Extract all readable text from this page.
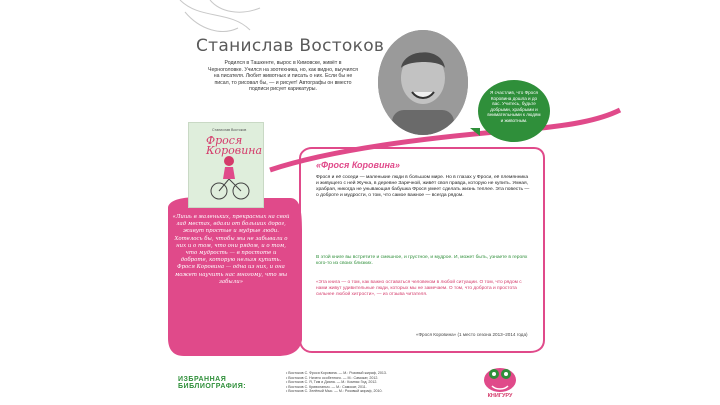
Станислав Востоков
Родился в Ташкенте, вырос в Кимовске, живёт в Черноголовке. Учился на зоотехника, но, как видно, выучился на писателя. Любит животных и писать о них. Если бы не писал, то рисовал бы, — и рисует! Автографы он вместо подписи рисует карикатуры.
Я счастлив, что Фрося Коровина дошла и до вас. Учитесь, будьте добрыми, храбрыми и внимательными к людям и животным.
Станислав Востоков
Фрося
Коровина
«Лишь в маленьких, прекрасных на свой лад местах, вдали от больших дорог, живут простые и мудрые люди. Хотелось бы, чтобы мы не забывали о них и о том, что они рядом, и о том, что мудрость — в простоте и доброте, которую нельзя купить. Фрося Коровина — одна из них, и она может научить нас многому, что мы забыли»
«Фрося Коровина»
Фрося и её соседи — маленькие люди в большом мире. Но в глазах у Фроси, её племянника и живущего с ней Жучка, в деревне Заречной, живёт своя правда, которую не купить. Умная, храбрая, никогда не унывающая бабушка Фрося умеет сделать жизнь теплее. Эта повесть — о доброте и мудрости, о том, что самое важное — всегда рядом.
В этой книге вы встретите и смешное, и грустное, и мудрое. И, может быть, узнаете в героях кого-то из своих близких.
«Эта книга — о том, как важно оставаться человеком в любой ситуации. О том, что рядом с нами живут удивительные люди, которых мы не замечаем. О том, что доброта и простота сильнее любой хитрости», — из отзыва читателя.
«Фрося Коровина» (1 место сезона 2013–2014 года)
ИЗБРАННАЯ
БИБЛИОГРАФИЯ:
• Востоков С. Фрося Коровина. — М.: Розовый жираф, 2013.
• Востоков С. Ничего особенного. — М.: Самокат, 2012.
• Востоков С. Я, Тим и Диана. — М.: Компас Гид, 2012.
• Востоков С. Криволапыч. — М.: Самокат, 2011.
• Востоков С. Зелёный Мыс. — М.: Розовый жираф, 2010.
КНИГУРУ
